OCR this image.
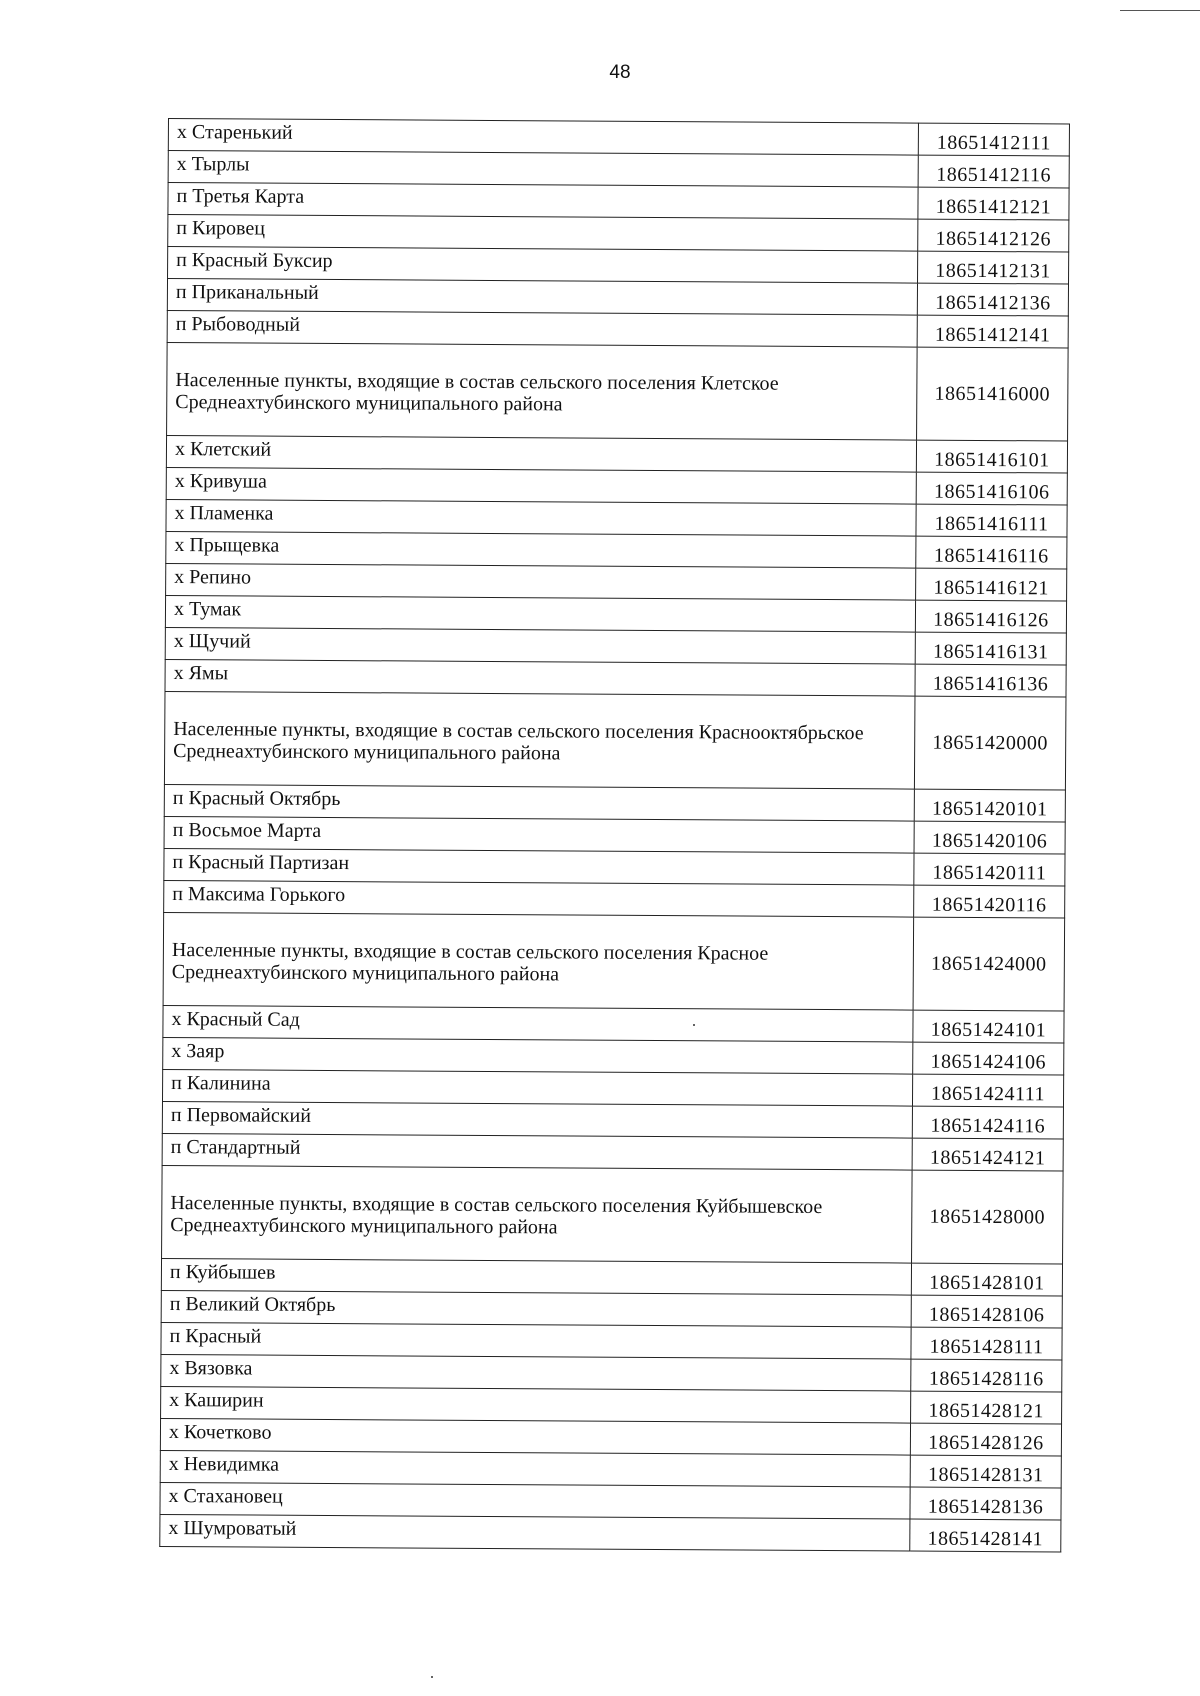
48
х Старенький	18651412111
х Тырлы	18651412116
п Третья Карта	18651412121
п Кировец	18651412126
п Красный Буксир	18651412131
п Приканальный	18651412136
п Рыбоводный	18651412141
Населенные пункты, входящие в состав сельского поселения Клетское Среднеахтубинского муниципального района	18651416000
х Клетский	18651416101
х Кривуша	18651416106
х Пламенка	18651416111
х Прыщевка	18651416116
х Репино	18651416121
х Тумак	18651416126
х Щучий	18651416131
х Ямы	18651416136
Населенные пункты, входящие в состав сельского поселения Краснооктябрьское Среднеахтубинского муниципального района	18651420000
п Красный Октябрь	18651420101
п Восьмое Марта	18651420106
п Красный Партизан	18651420111
п Максима Горького	18651420116
Населенные пункты, входящие в состав сельского поселения Красное Среднеахтубинского муниципального района	18651424000
х Красный Сад	18651424101
х Заяр	18651424106
п Калинина	18651424111
п Первомайский	18651424116
п Стандартный	18651424121
Населенные пункты, входящие в состав сельского поселения Куйбышевское Среднеахтубинского муниципального района	18651428000
п Куйбышев	18651428101
п Великий Октябрь	18651428106
п Красный	18651428111
х Вязовка	18651428116
х Каширин	18651428121
х Кочетково	18651428126
х Невидимка	18651428131
х Стахановец	18651428136
х Шумроватый	18651428141
